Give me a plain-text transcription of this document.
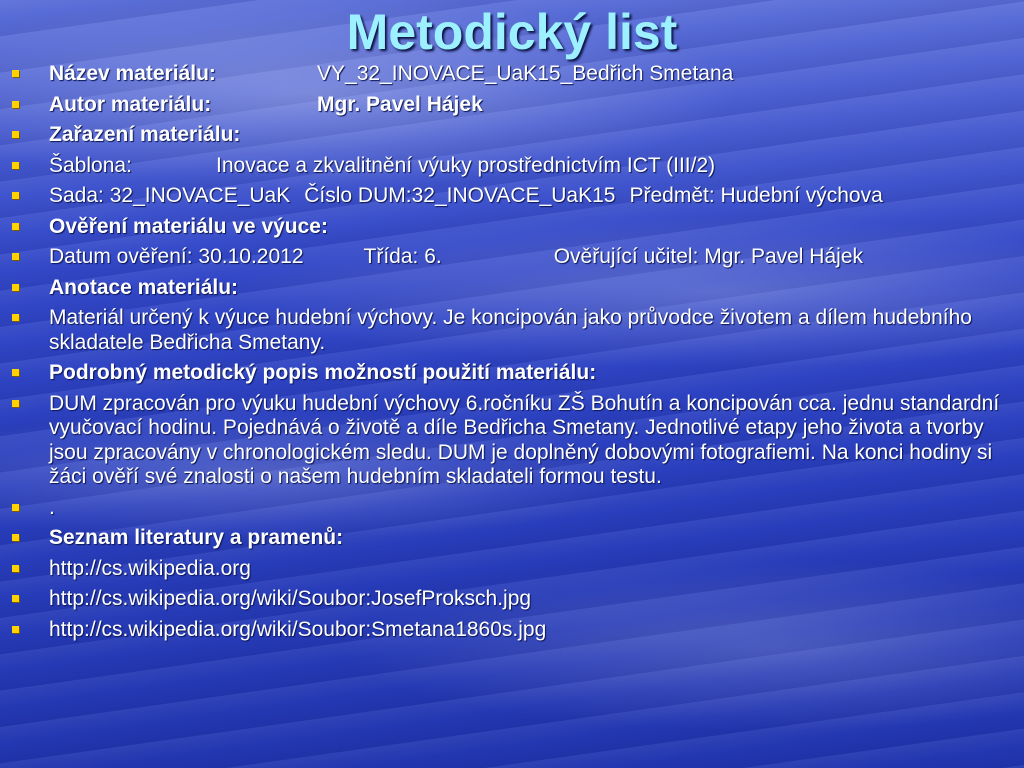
Metodický list
Název materiálu:	VY_32_INOVACE_UaK15_Bedřich Smetana
Autor materiálu:	Mgr. Pavel Hájek
Zařazení materiálu:
Šablona:	Inovace a zkvalitnění výuky prostřednictvím ICT (III/2)
Sada: 32_INOVACE_UaK Číslo DUM:32_INOVACE_UaK15 Předmět: Hudební výchova
Ověření materiálu ve výuce:
Datum ověření: 30.10.2012	Třída: 6.	Ověřující učitel: Mgr. Pavel Hájek
Anotace materiálu:
Materiál určený k výuce hudební výchovy. Je koncipován jako průvodce životem a dílem hudebního skladatele Bedřicha Smetany.
Podrobný metodický popis možností použití materiálu:
DUM zpracován pro výuku hudební výchovy 6.ročníku ZŠ Bohutín a koncipován cca. jednu standardní vyučovací hodinu. Pojednává o životě a díle Bedřicha Smetany. Jednotlivé etapy jeho života a tvorby jsou zpracovány v chronologickém sledu. DUM je doplněný dobovými fotografiemi. Na konci hodiny si žáci ověří své znalosti o našem hudebním skladateli formou testu.
.
Seznam literatury a pramenů:
http://cs.wikipedia.org
http://cs.wikipedia.org/wiki/Soubor:JosefProksch.jpg
http://cs.wikipedia.org/wiki/Soubor:Smetana1860s.jpg
